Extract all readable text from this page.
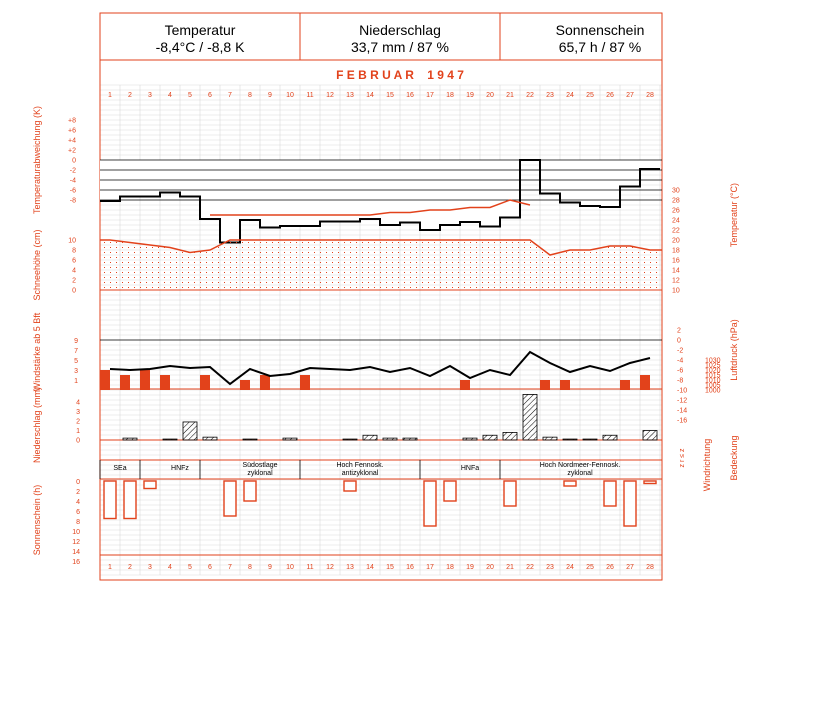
Temperatur
-8,4°C / -8,8 K
Niederschlag
33,7 mm / 87 %
Sonnenschein
65,7 h / 87 %
F E B R U A R    1 9 4 7
Temperaturabweichung (K)
Schneehöhe (cm)
Windstärke ab 5 Bft
Niederschlag (mm)
Sonnenschein (h)
Temperatur (°C)
Luftdruck (hPa)
Windrichtung Bedeckung
z r ≤ z
1
1
2
2
3
3
4
4
5
5
6
6
7
7
8
8
9
9
10
10
11
11
12
12
13
13
14
14
15
15
16
16
17
17
18
18
19
19
20
20
21
21
22
22
23
23
24
24
25
25
26
26
27
27
28
28
+8
+6
+4
+2
0
-2
-4
-6
-8
30
28
26
24
22
20
18
16
14
12
10
10
8
6
4
2
0
9
7
5
3
1
2
0
-2
-4
-6
-8
-10
-12
-14
-16
1030
1025
1020
1015
1010
1005
1000
4
3
2
1
0
SEa	HNFz	Südostlage
zyklonal
Hoch Fennosk.
antizyklonal
HNFa	Hoch Nordmeer-Fennosk.
zyklonal
0
2
4
6
8
10
12
14
16
